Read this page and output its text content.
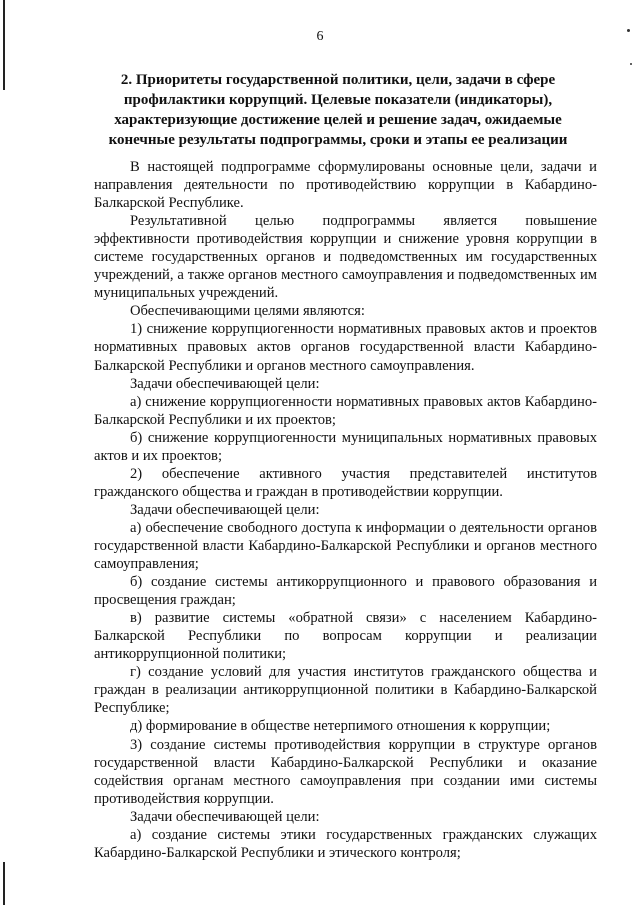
6
2. Приоритеты государственной политики, цели, задачи в сфере профилактики коррупций. Целевые показатели (индикаторы), характеризующие достижение целей и решение задач, ожидаемые конечные результаты подпрограммы, сроки и этапы ее реализации

В настоящей подпрограмме сформулированы основные цели, задачи и направления деятельности по противодействию коррупции в Кабардино-Балкарской Республике.

Результативной целью подпрограммы является повышение эффективности противодействия коррупции и снижение уровня коррупции в системе государственных органов и подведомственных им государственных учреждений, а также органов местного самоуправления и подведомственных им муниципальных учреждений.

Обеспечивающими целями являются:

1) снижение коррупциогенности нормативных правовых актов и проектов нормативных правовых актов органов государственной власти Кабардино-Балкарской Республики и органов местного самоуправления.

Задачи обеспечивающей цели:

а) снижение коррупциогенности нормативных правовых актов Кабардино-Балкарской Республики и их проектов;

б) снижение коррупциогенности муниципальных нормативных правовых актов и их проектов;

2) обеспечение активного участия представителей институтов гражданского общества и граждан в противодействии коррупции.

Задачи обеспечивающей цели:

а) обеспечение свободного доступа к информации о деятельности органов государственной власти Кабардино-Балкарской Республики и органов местного самоуправления;

б) создание системы антикоррупционного и правового образования и просвещения граждан;

в) развитие системы «обратной связи» с населением Кабардино-Балкарской Республики по вопросам коррупции и реализации антикоррупционной политики;

г) создание условий для участия институтов гражданского общества и граждан в реализации антикоррупционной политики в Кабардино-Балкарской Республике;

д) формирование в обществе нетерпимого отношения к коррупции;

3) создание системы противодействия коррупции в структуре органов государственной власти Кабардино-Балкарской Республики и оказание содействия органам местного самоуправления при создании ими системы противодействия коррупции.

Задачи обеспечивающей цели:

а) создание системы этики государственных гражданских служащих Кабардино-Балкарской Республики и этического контроля;
